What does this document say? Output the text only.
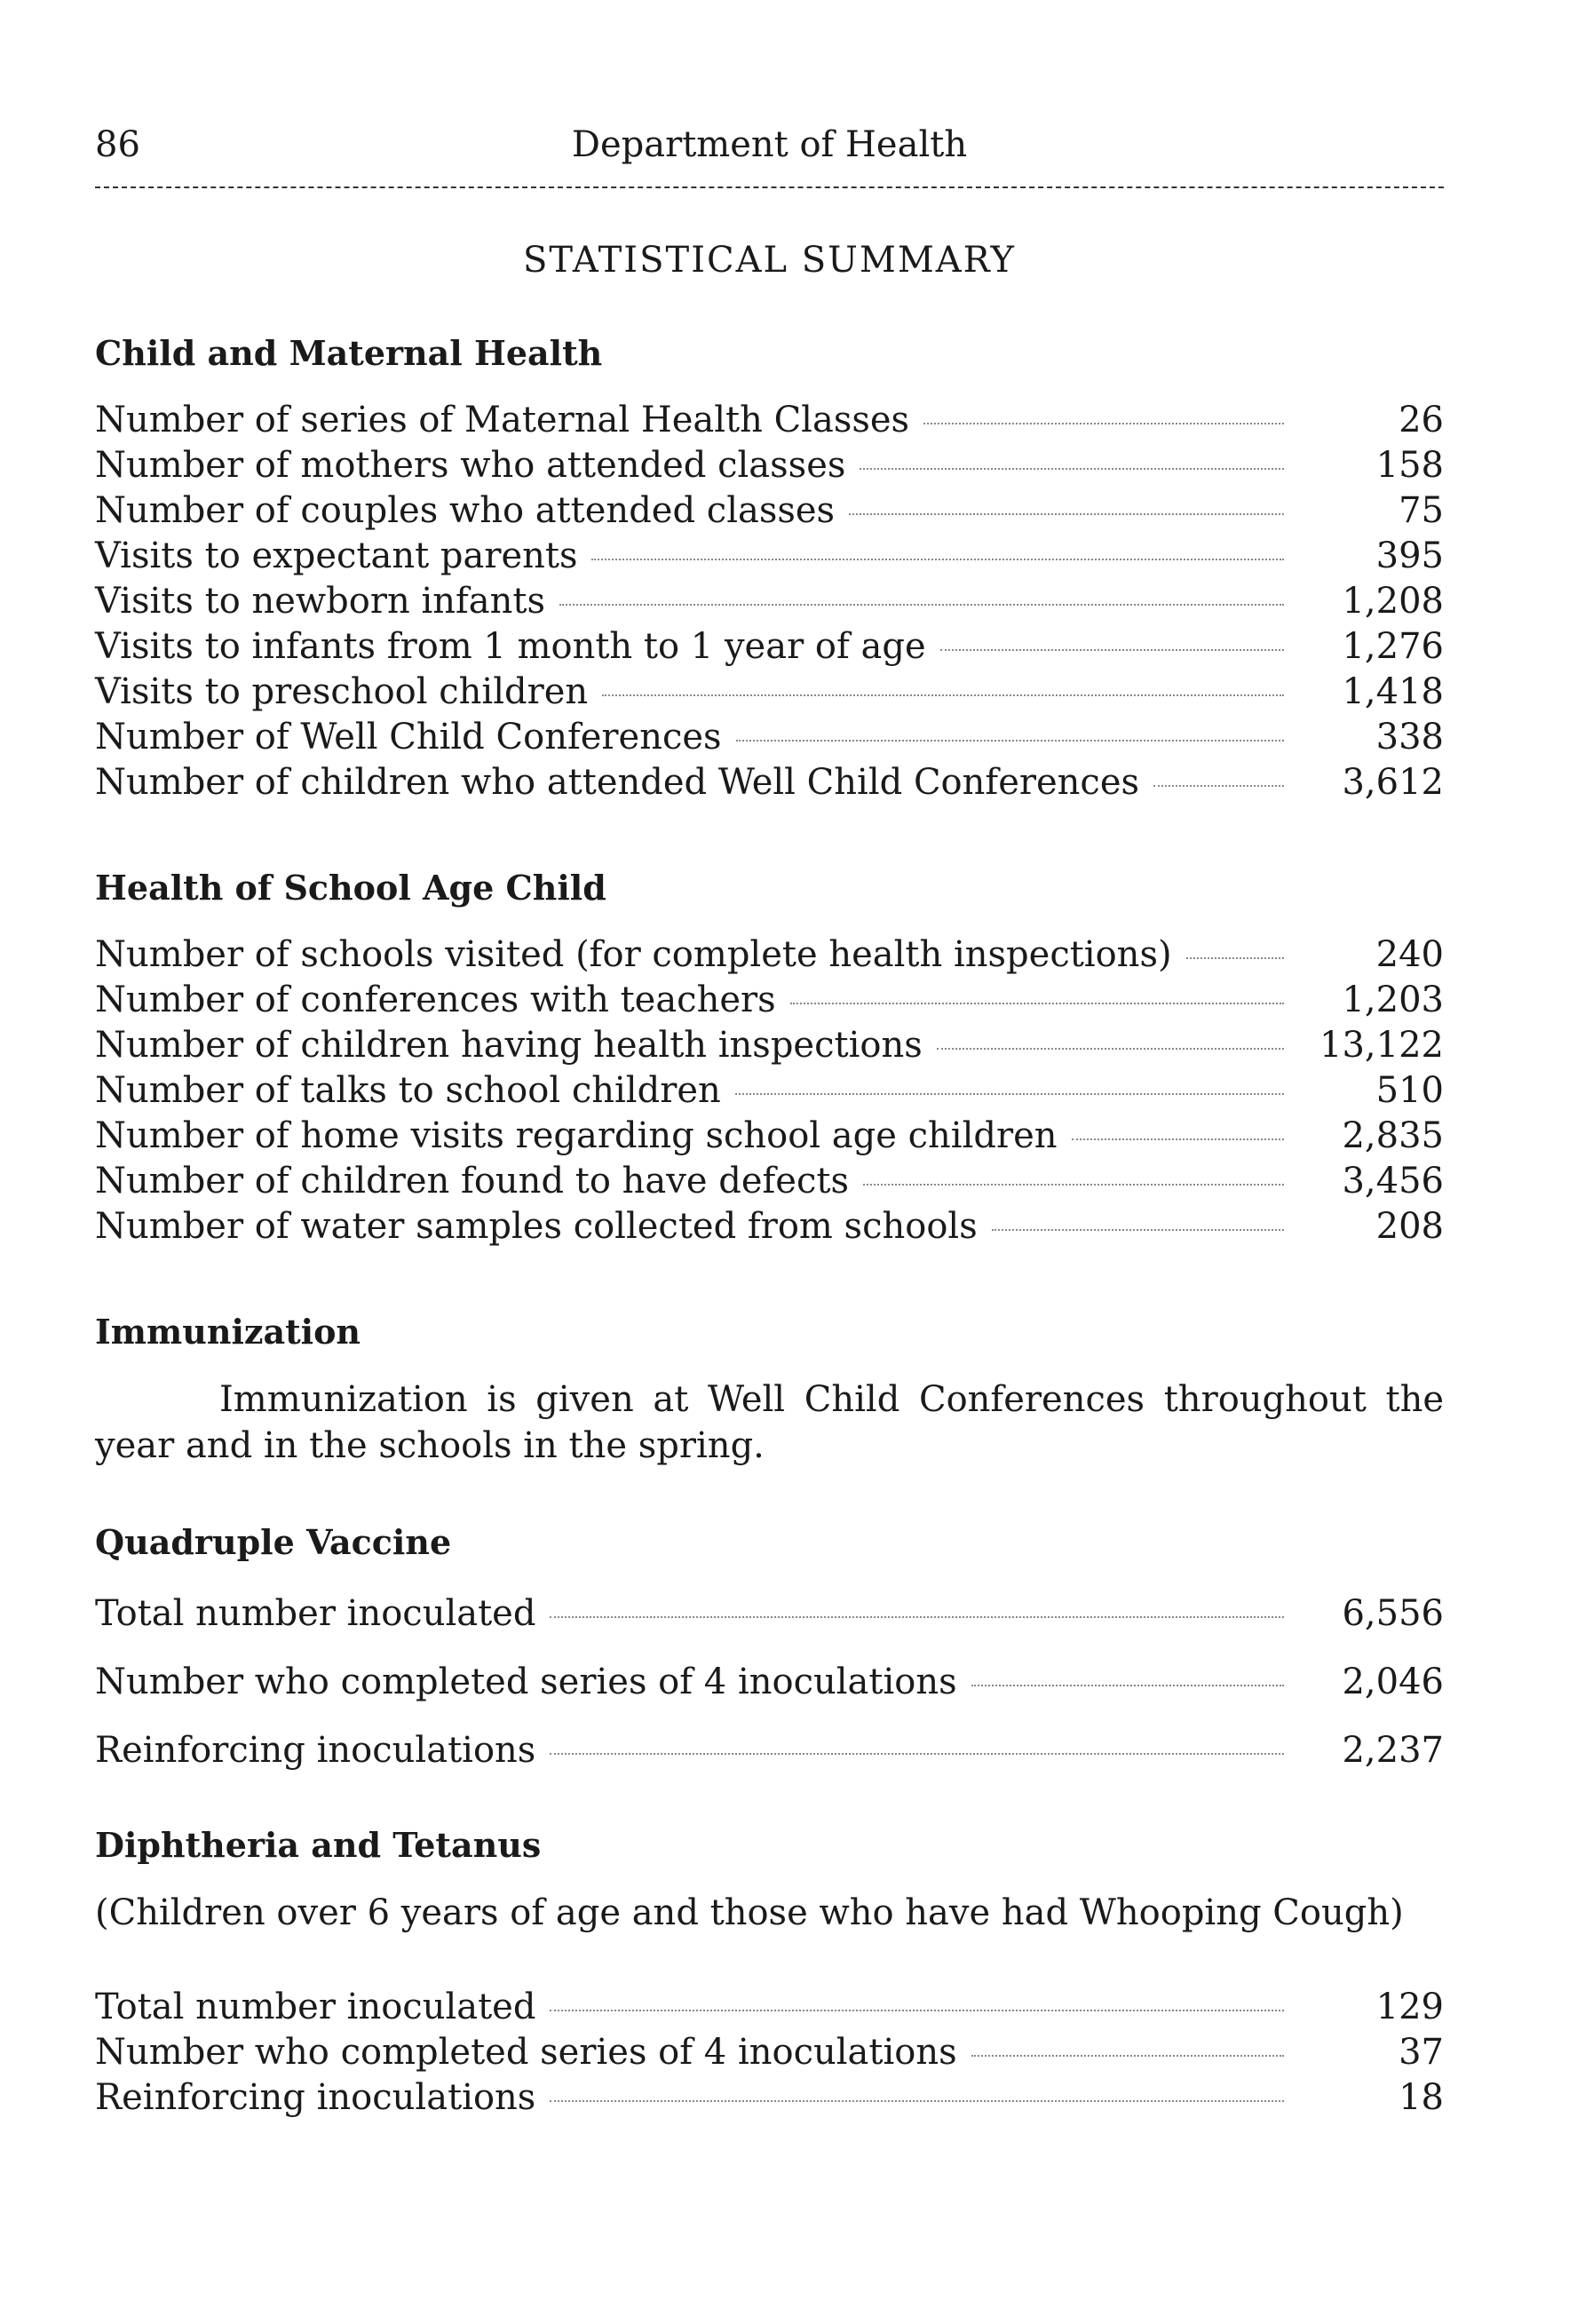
86	Department of Health
STATISTICAL SUMMARY
Child and Maternal Health
Number of series of Maternal Health Classes	26
Number of mothers who attended classes	158
Number of couples who attended classes	75
Visits to expectant parents	395
Visits to newborn infants	1,208
Visits to infants from 1 month to 1 year of age	1,276
Visits to preschool children	1,418
Number of Well Child Conferences	338
Number of children who attended Well Child Conferences	3,612
Health of School Age Child
Number of schools visited (for complete health inspections)	240
Number of conferences with teachers	1,203
Number of children having health inspections	13,122
Number of talks to school children	510
Number of home visits regarding school age children	2,835
Number of children found to have defects	3,456
Number of water samples collected from schools	208
Immunization

Immunization is given at Well Child Conferences throughout the year and in the schools in the spring.

Quadruple Vaccine
Total number inoculated	6,556
Number who completed series of 4 inoculations	2,046
Reinforcing inoculations	2,237
Diphtheria and Tetanus

(Children over 6 years of age and those who have had Whooping Cough)

Total number inoculated	129
Number who completed series of 4 inoculations	37
Reinforcing inoculations	18
